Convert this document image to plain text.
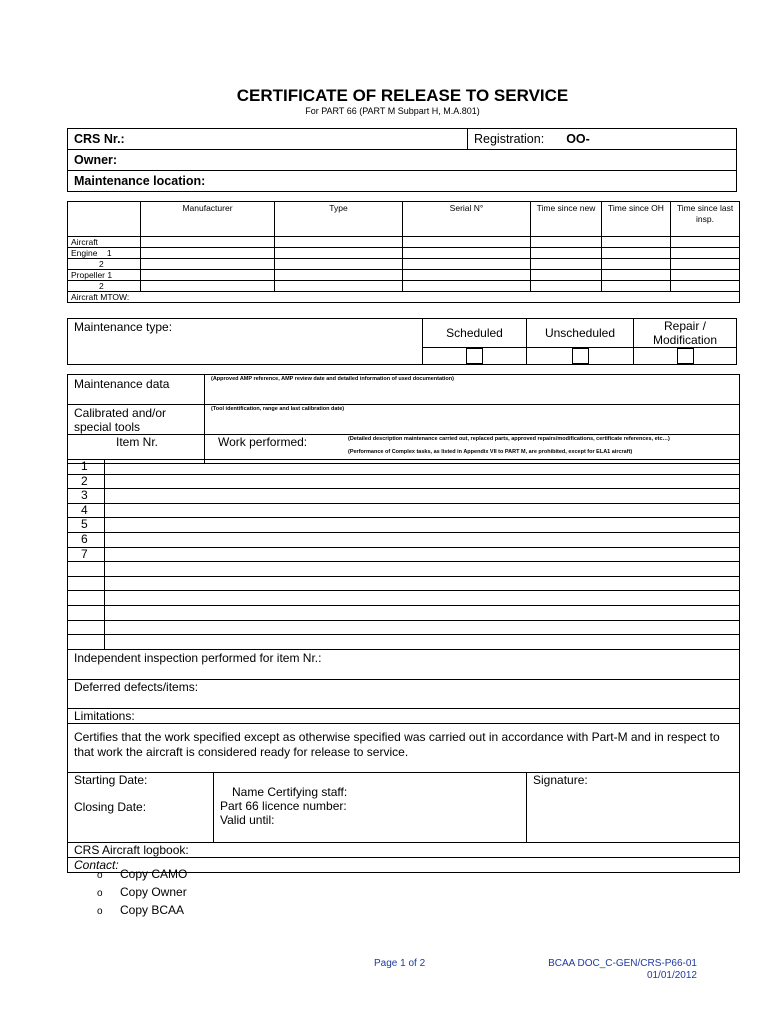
CERTIFICATE OF RELEASE TO SERVICE
For PART 66 (PART M Subpart H, M.A.801)
CRS Nr.:	Registration: OO-
Owner:
Maintenance location:
	Manufacturer	Type	Serial N°	Time since new	Time since OH	Time since last insp.
Aircraft						
Engine    1						
2						
Propeller 1						
2						
Aircraft MTOW:						
Maintenance type:	Scheduled	Unscheduled	Repair / Modification

Maintenance data	(Approved AMP reference, AMP review date and detailed information of used documentation)

Calibrated and/or special tools	(Tool identification, range and last calibration date)

Item Nr.	Work performed: (Detailed description maintenance carried out, replaced parts, approved repairs/modifications, certificate references, etc…)
(Performance of Complex tasks, as listed in Appendix VII to PART M, are prohibited, except for ELA1 aircraft)
1	
2	
3	
4	
5	
6	
7	

Independent inspection performed for item Nr.:
Deferred defects/items:
Limitations:
Certifies that the work specified except as otherwise specified was carried out in accordance with Part-M and in respect to that work the aircraft is considered ready for release to service.

Starting Date:
Closing Date:

Name Certifying staff:
Part 66 licence number:
Valid until:
	Signature:
CRS Aircraft logbook:
Contact:
o Copy CAMO
o Copy Owner
o Copy BCAA
Page 1 of 2	BCAA DOC_C-GEN/CRS-P66-01
01/01/2012
